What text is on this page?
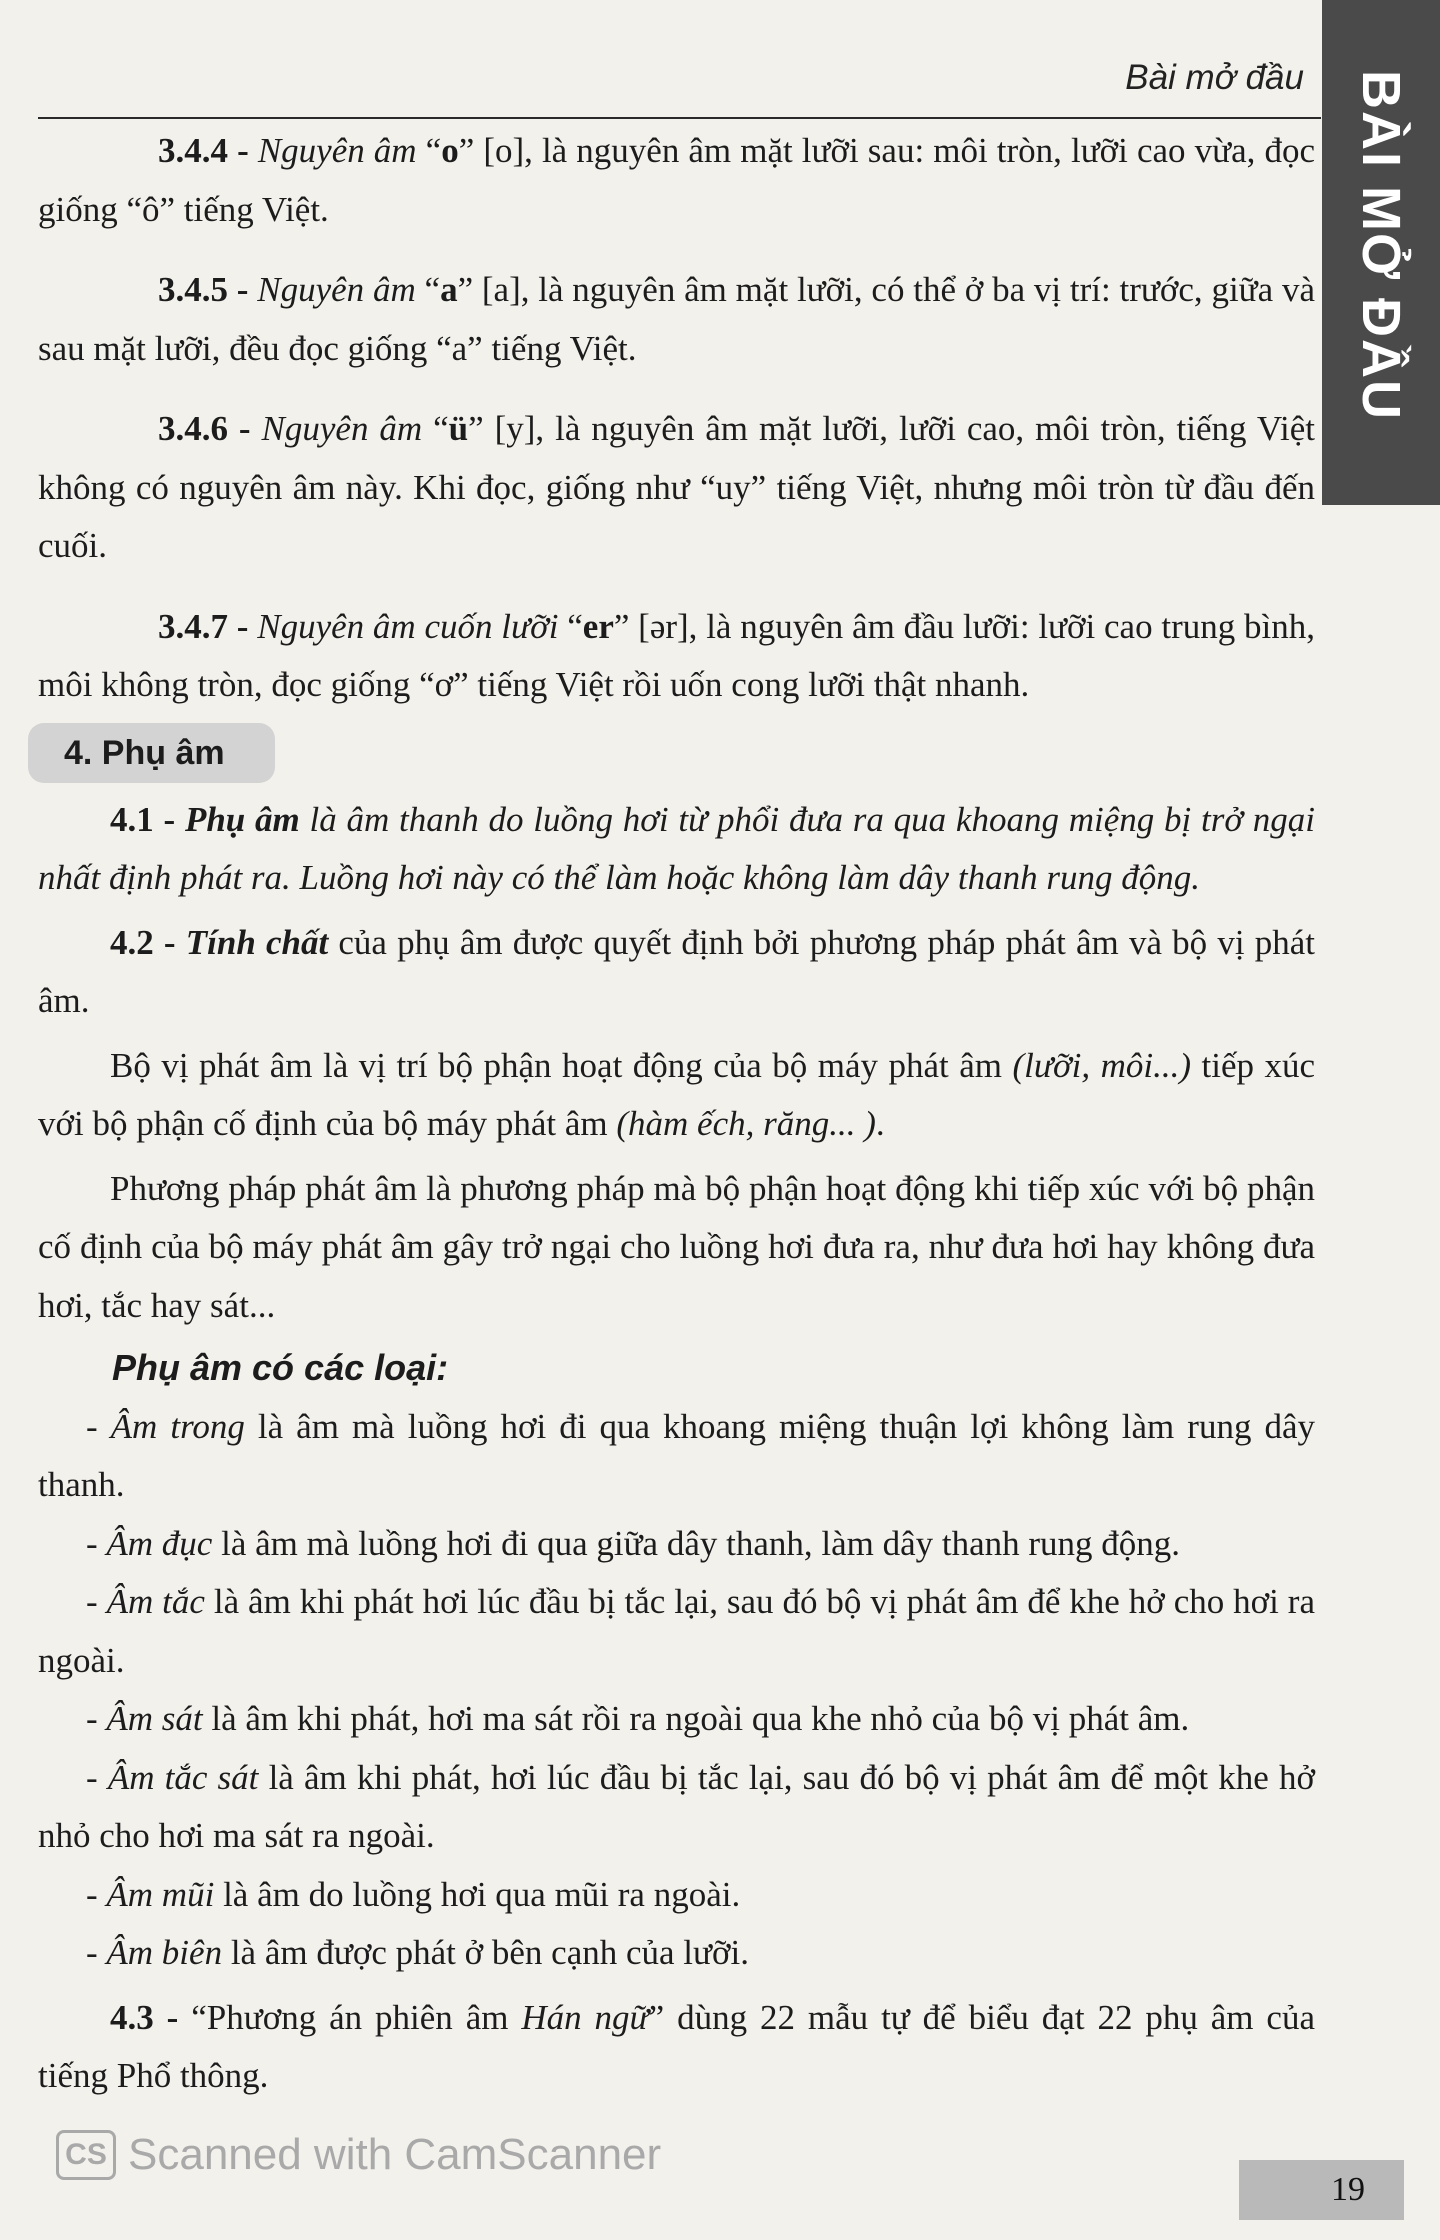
Bài mở đầu BÀI MỞ ĐẦU

3.4.4 - Nguyên âm “o” [o], là nguyên âm mặt lưỡi sau: môi tròn, lưỡi cao vừa, đọc giống “ô” tiếng Việt.

3.4.5 - Nguyên âm “a” [a], là nguyên âm mặt lưỡi, có thể ở ba vị trí: trước, giữa và sau mặt lưỡi, đều đọc giống “a” tiếng Việt.

3.4.6 - Nguyên âm “ü” [y], là nguyên âm mặt lưỡi, lưỡi cao, môi tròn, tiếng Việt không có nguyên âm này. Khi đọc, giống như “uy” tiếng Việt, nhưng môi tròn từ đầu đến cuối.

3.4.7 - Nguyên âm cuốn lưỡi “er” [ər], là nguyên âm đầu lưỡi: lưỡi cao trung bình, môi không tròn, đọc giống “ơ” tiếng Việt rồi uốn cong lưỡi thật nhanh.

4. Phụ âm

4.1 - Phụ âm là âm thanh do luồng hơi từ phổi đưa ra qua khoang miệng bị trở ngại nhất định phát ra. Luồng hơi này có thể làm hoặc không làm dây thanh rung động.

4.2 - Tính chất của phụ âm được quyết định bởi phương pháp phát âm và bộ vị phát âm.

Bộ vị phát âm là vị trí bộ phận hoạt động của bộ máy phát âm (lưỡi, môi...) tiếp xúc với bộ phận cố định của bộ máy phát âm (hàm ếch, răng... ).

Phương pháp phát âm là phương pháp mà bộ phận hoạt động khi tiếp xúc với bộ phận cố định của bộ máy phát âm gây trở ngại cho luồng hơi đưa ra, như đưa hơi hay không đưa hơi, tắc hay sát...

Phụ âm có các loại:

- Âm trong là âm mà luồng hơi đi qua khoang miệng thuận lợi không làm rung dây thanh.

- Âm đục là âm mà luồng hơi đi qua giữa dây thanh, làm dây thanh rung động.

- Âm tắc là âm khi phát hơi lúc đầu bị tắc lại, sau đó bộ vị phát âm để khe hở cho hơi ra ngoài.

- Âm sát là âm khi phát, hơi ma sát rồi ra ngoài qua khe nhỏ của bộ vị phát âm.

- Âm tắc sát là âm khi phát, hơi lúc đầu bị tắc lại, sau đó bộ vị phát âm để một khe hở nhỏ cho hơi ma sát ra ngoài.

- Âm mũi là âm do luồng hơi qua mũi ra ngoài.

- Âm biên là âm được phát ở bên cạnh của lưỡi.

4.3 - “Phương án phiên âm Hán ngữ” dùng 22 mẫu tự để biểu đạt 22 phụ âm của tiếng Phổ thông.

CS Scanned with CamScanner
19
